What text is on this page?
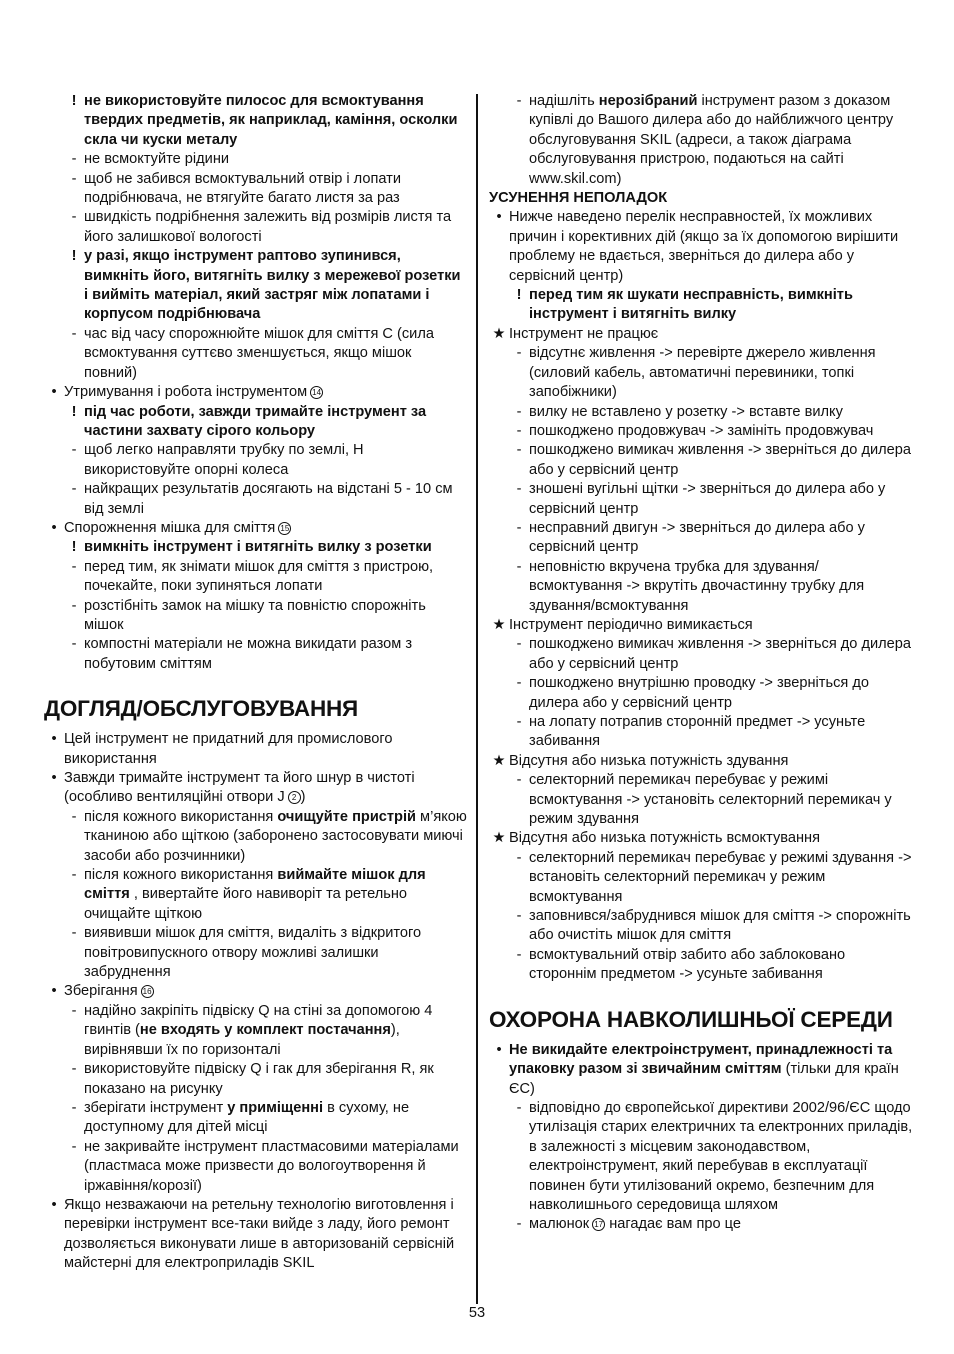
! не використовуйте пилосос для всмоктування твердих предметів, як наприклад, каміння, осколки скла чи куски металу
- не всмоктуйте рідини
- щоб не забився всмоктувальний отвір і лопати подрібнювача, не втягуйте багато листя за раз
- швидкість подрібнення залежить від розмірів листя та його залишкової вологості
! у разі, якщо інструмент раптово зупинився, вимкніть його, витягніть вилку з мережевої розетки і вийміть матеріал, який застряг між лопатами і корпусом подрібнювача
- час від часу спорожнюйте мішок для сміття C (сила всмоктування суттєво зменшується, якщо мішок повний)
• Утримування і робота інструментом 14
! під час роботи, завжди тримайте інструмент за частини захвату сірого кольору
- щоб легко направляти трубку по землі, H використовуйте опорні колеса
- найкращих результатів досягають на відстані 5 - 10 см від землі
• Спорожнення мішка для сміття 15
! вимкніть інструмент і витягніть вилку з розетки
- перед тим, як знімати мішок для сміття з пристрою, почекайте, поки зупиняться лопати
- розстібніть замок на мішку та повністю спорожніть мішок
- компостні матеріали не можна викидати разом з побутовим сміттям
ДОГЛЯД/ОБСЛУГОВУВАННЯ
• Цей інструмент не придатний для промислового використання
• Завжди тримайте інструмент та його шнур в чистоті (особливо вентиляційні отвори J 2 )
- після кожного використання очищуйте пристрій м’якою тканиною або щіткою (заборонено застосовувати миючі засоби або розчинники)
- після кожного використання виймайте мішок для сміття , вивертайте його навиворіт та ретельно очищайте щіткою
- виявивши мішок для сміття, видаліть з відкритого повітровипускного отвору можливі залишки забруднення
• Зберігання 16
- надійно закріпіть підвіску Q на стіні за допомогою 4 гвинтів (не входять у комплект постачання), вирівнявши їх по горизонталі
- використовуйте підвіску Q і гак для зберігання R, як показано на рисунку
- зберігати інструмент у приміщенні в сухому, не доступному для дітей місці
- не закривайте інструмент пластмасовими матеріалами (пластмаса може призвести до вологоутворення й іржавіння/корозії)
• Якщо незважаючи на ретельну технологію виготовлення і перевірки інструмент все-таки вийде з ладу, його ремонт дозволяється виконувати лише в авторизованій сервісній майстерні для електроприладів SKIL
- надішліть нерозібраний інструмент разом з доказом купівлі до Вашого дилера або до найближчого центру обслуговування SKIL (адреси, а також діаграма обслуговування пристрою, подаються на сайті www.skil.com)
УСУНЕННЯ НЕПОЛАДОК
• Нижче наведено перелік несправностей, їх можливих причин і корективних дій (якщо за їх допомогою вирішити проблему не вдається, зверніться до дилера або у сервісний центр)
! перед тим як шукати несправність, вимкніть інструмент і витягніть вилку
★ Інструмент не працює
- відсутнє живлення -> перевірте джерело живлення (силовий кабель, автоматичні перевиники, топкі запобіжники)
- вилку не вставлено у розетку -> вставте вилку
- пошкоджено продовжувач -> замініть продовжувач
- пошкоджено вимикач живлення -> зверніться до дилера або у сервісний центр
- зношені вугільні щітки -> зверніться до дилера або у сервісний центр
- несправний двигун -> зверніться до дилера або у сервісний центр
- неповністю вкручена трубка для здування/ всмоктування -> вкрутіть двочастинну трубку для здування/всмоктування
★ Інструмент періодично вимикається
- пошкоджено вимикач живлення -> зверніться до дилера або у сервісний центр
- пошкоджено внутрішню проводку -> зверніться до дилера або у сервісний центр
- на лопату потрапив сторонній предмет -> усуньте забивання
★ Відсутня або низька потужність здування
- селекторний перемикач перебуває у режимі всмоктування -> установіть селекторний перемикач у режим здування
★ Відсутня або низька потужність всмоктування
- селекторний перемикач перебуває у режимі здування -> встановіть селекторний перемикач у режим всмоктування
- заповнився/забруднився мішок для сміття -> спорожніть або очистіть мішок для сміття
- всмоктувальний отвір забито або заблоковано стороннім предметом -> усуньте забивання
ОХОРОНА НАВКОЛИШНЬОЇ СЕРЕДИ
• Не викидайте електроінструмент, принадлежності та упаковку разом зі звичайним сміттям (тільки для країн ЄС)
- відповідно до європейської директиви 2002/96/ЄС щодо утилізація старих електричних та електронних приладів, в залежності з місцевим законодавством, електроінструмент, який перебував в експлуатації повинен бути утилізований окремо, безпечним для навколишнього середовища шляхом
- малюнок 17 нагадає вам про це
53
